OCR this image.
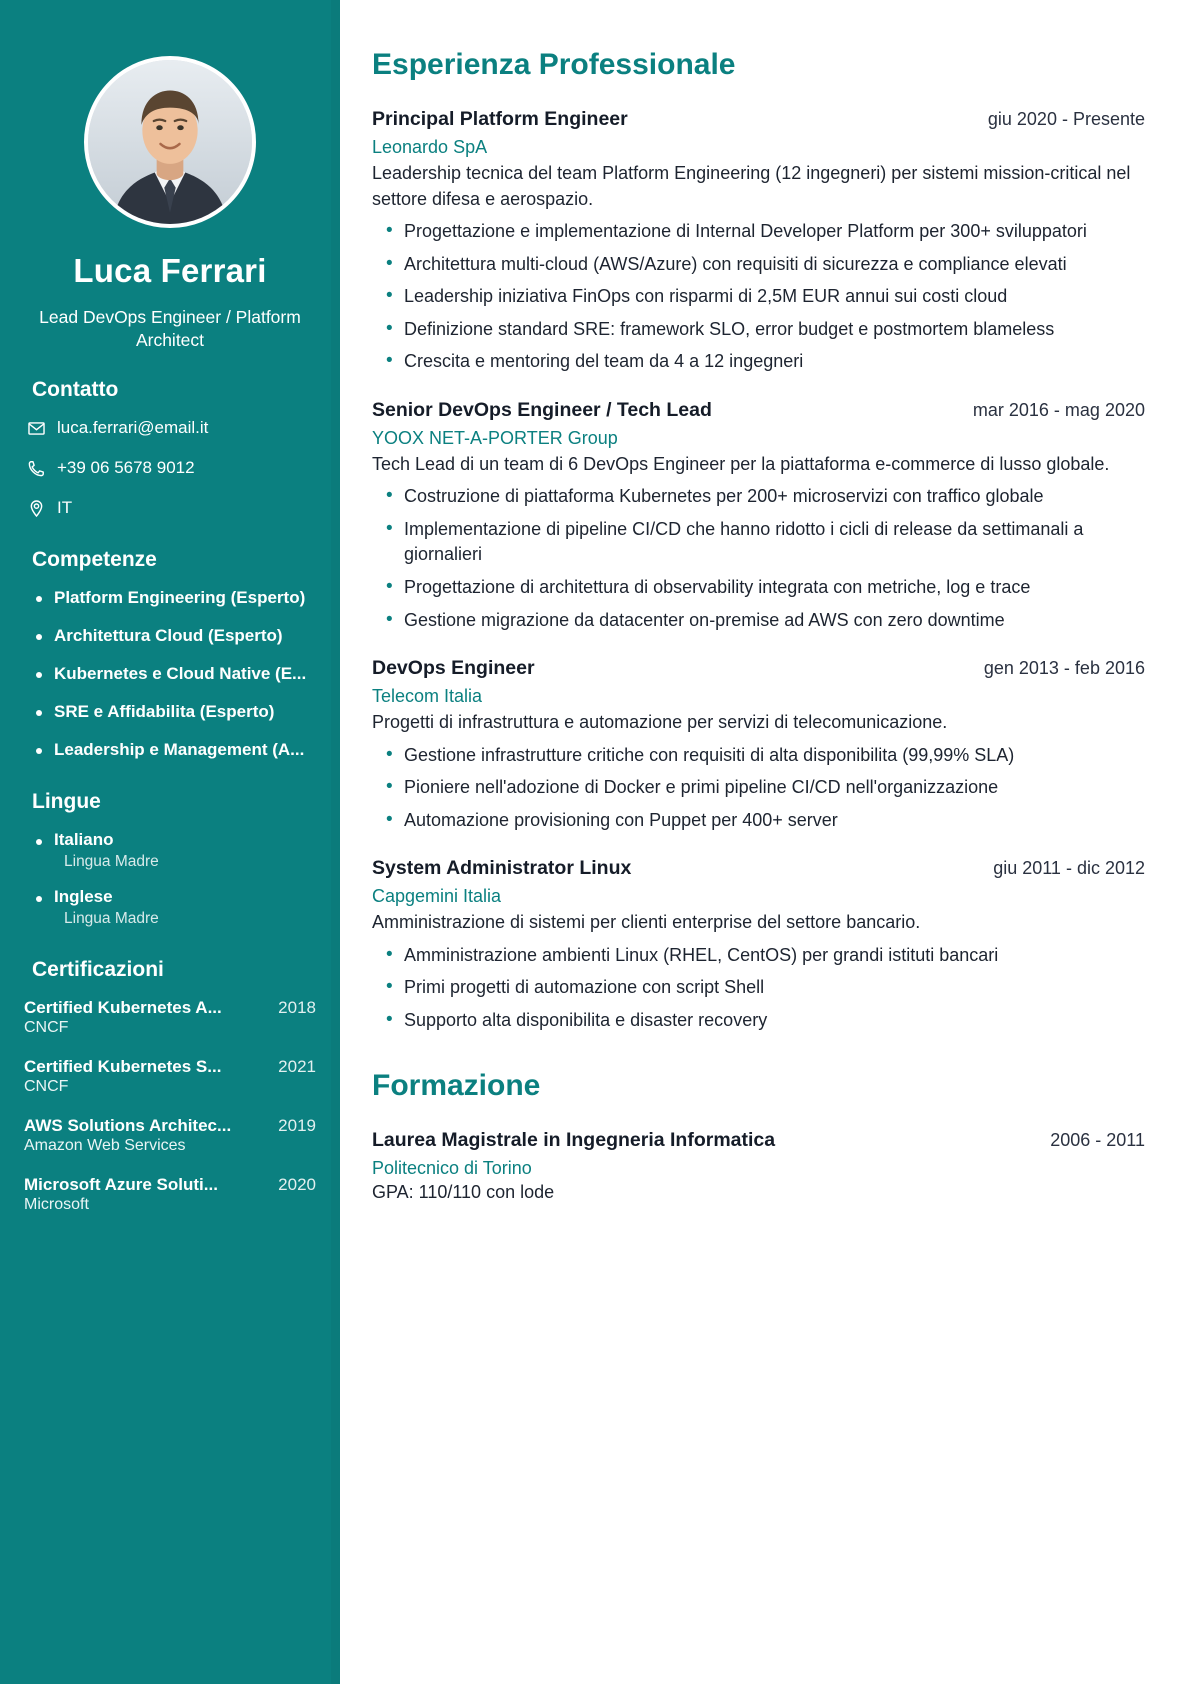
Luca Ferrari
Lead DevOps Engineer / Platform Architect
Contatto
luca.ferrari@email.it
+39 06 5678 9012
IT
Competenze
Platform Engineering (Esperto)
Architettura Cloud (Esperto)
Kubernetes e Cloud Native (E...
SRE e Affidabilita (Esperto)
Leadership e Management (A...
Lingue
Italiano
Lingua Madre
Inglese
Lingua Madre
Certificazioni
Certified Kubernetes A...	2018
CNCF
Certified Kubernetes S...	2021
CNCF
AWS Solutions Architec...	2019
Amazon Web Services
Microsoft Azure Soluti...	2020
Microsoft
Esperienza Professionale
Principal Platform Engineer	giu 2020 - Presente
Leonardo SpA
Leadership tecnica del team Platform Engineering (12 ingegneri) per sistemi mission-critical nel settore difesa e aerospazio.
• Progettazione e implementazione di Internal Developer Platform per 300+ sviluppatori
• Architettura multi-cloud (AWS/Azure) con requisiti di sicurezza e compliance elevati
• Leadership iniziativa FinOps con risparmi di 2,5M EUR annui sui costi cloud
• Definizione standard SRE: framework SLO, error budget e postmortem blameless
• Crescita e mentoring del team da 4 a 12 ingegneri
Senior DevOps Engineer / Tech Lead	mar 2016 - mag 2020
YOOX NET-A-PORTER Group
Tech Lead di un team di 6 DevOps Engineer per la piattaforma e-commerce di lusso globale.
• Costruzione di piattaforma Kubernetes per 200+ microservizi con traffico globale
• Implementazione di pipeline CI/CD che hanno ridotto i cicli di release da settimanali a giornalieri
• Progettazione di architettura di observability integrata con metriche, log e trace
• Gestione migrazione da datacenter on-premise ad AWS con zero downtime
DevOps Engineer	gen 2013 - feb 2016
Telecom Italia
Progetti di infrastruttura e automazione per servizi di telecomunicazione.
• Gestione infrastrutture critiche con requisiti di alta disponibilita (99,99% SLA)
• Pioniere nell'adozione di Docker e primi pipeline CI/CD nell'organizzazione
• Automazione provisioning con Puppet per 400+ server
System Administrator Linux	giu 2011 - dic 2012
Capgemini Italia
Amministrazione di sistemi per clienti enterprise del settore bancario.
• Amministrazione ambienti Linux (RHEL, CentOS) per grandi istituti bancari
• Primi progetti di automazione con script Shell
• Supporto alta disponibilita e disaster recovery
Formazione
Laurea Magistrale in Ingegneria Informatica	2006 - 2011
Politecnico di Torino
GPA: 110/110 con lode
